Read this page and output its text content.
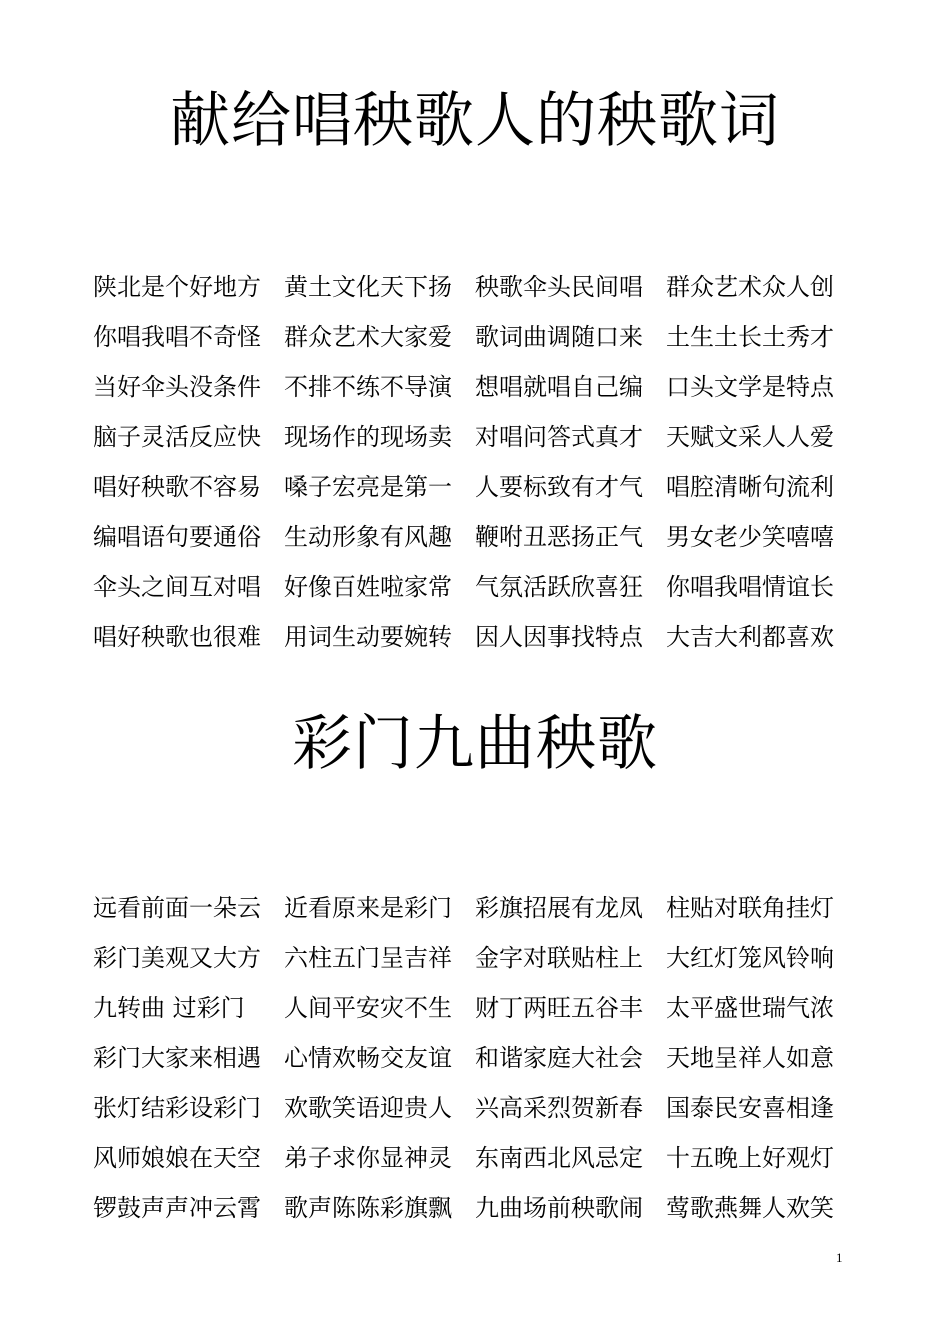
献给唱秧歌人的秧歌词
陕北是个好地方 黄土文化天下扬 秧歌伞头民间唱 群众艺术众人创
你唱我唱不奇怪 群众艺术大家爱 歌词曲调随口来 土生土长土秀才
当好伞头没条件 不排不练不导演 想唱就唱自己编 口头文学是特点
脑子灵活反应快 现场作的现场卖 对唱问答式真才 天赋文采人人爱
唱好秧歌不容易 嗓子宏亮是第一 人要标致有才气 唱腔清晰句流利
编唱语句要通俗 生动形象有风趣 鞭咐丑恶扬正气 男女老少笑嘻嘻
伞头之间互对唱 好像百姓啦家常 气氛活跃欣喜狂 你唱我唱情谊长
唱好秧歌也很难 用词生动要婉转 因人因事找特点 大吉大利都喜欢
彩门九曲秧歌
远看前面一朵云 近看原来是彩门 彩旗招展有龙凤 柱贴对联角挂灯
彩门美观又大方 六柱五门呈吉祥 金字对联贴柱上 大红灯笼风铃响
九转曲 过彩门	人间平安灾不生 财丁两旺五谷丰 太平盛世瑞气浓
彩门大家来相遇 心情欢畅交友谊 和谐家庭大社会 天地呈祥人如意
张灯结彩设彩门 欢歌笑语迎贵人 兴高采烈贺新春 国泰民安喜相逢
风师娘娘在天空 弟子求你显神灵 东南西北风忌定 十五晚上好观灯
锣鼓声声冲云霄 歌声陈陈彩旗飘 九曲场前秧歌闹 莺歌燕舞人欢笑
1
